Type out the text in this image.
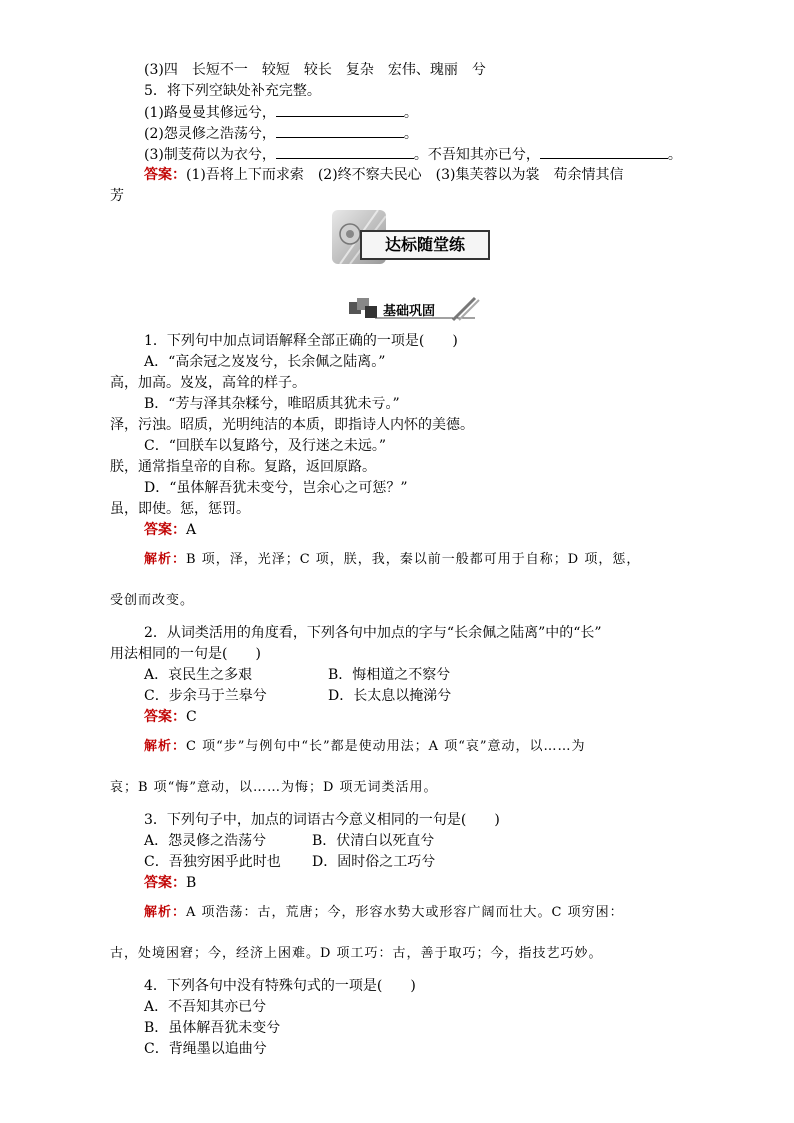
(3)四　长短不一　较短　较长　复杂　宏伟、瑰丽　兮
5．将下列空缺处补充完整。
(1)路曼曼其修远兮，	。
(2)怨灵修之浩荡兮，	。
(3)制芰荷以为衣兮，	。不吾知其亦已兮，	。
答案：(1)吾将上下而求索　(2)终不察夫民心　(3)集芙蓉以为裳　苟余情其信
芳
达标随堂练
基础巩固
1．下列句中加点词语解释全部正确的一项是(　　)
A．“高余冠之岌岌兮，长余佩之陆离。”
高，加高。岌岌，高耸的样子。
B．“芳与泽其杂糅兮，唯昭质其犹未亏。”
泽，污浊。昭质，光明纯洁的本质，即指诗人内怀的美德。
C．“回朕车以复路兮，及行迷之未远。”
朕，通常指皇帝的自称。复路，返回原路。
D．“虽体解吾犹未变兮，岂余心之可惩？”
虽，即使。惩，惩罚。
答案：A
解析：B 项，泽，光泽；C 项，朕，我，秦以前一般都可用于自称；D 项，惩，
受创而改变。
2．从词类活用的角度看，下列各句中加点的字与“长余佩之陆离”中的“长”
用法相同的一句是(　　)
A．哀民生之多艰	B．悔相道之不察兮
C．步余马于兰皋兮	D．长太息以掩涕兮
答案：C
解析：C 项“步”与例句中“长”都是使动用法；A 项“哀”意动，以……为
哀；B 项“悔”意动，以……为悔；D 项无词类活用。
3．下列句子中，加点的词语古今意义相同的一句是(　　)
A．怨灵修之浩荡兮	B．伏清白以死直兮
C．吾独穷困乎此时也 D．固时俗之工巧兮
答案：B
解析：A 项浩荡：古，荒唐；今，形容水势大或形容广阔而壮大。C 项穷困：
古，处境困窘；今，经济上困难。D 项工巧：古，善于取巧；今，指技艺巧妙。
4．下列各句中没有特殊句式的一项是(　　)
A．不吾知其亦已兮
B．虽体解吾犹未变兮
C．背绳墨以追曲兮
